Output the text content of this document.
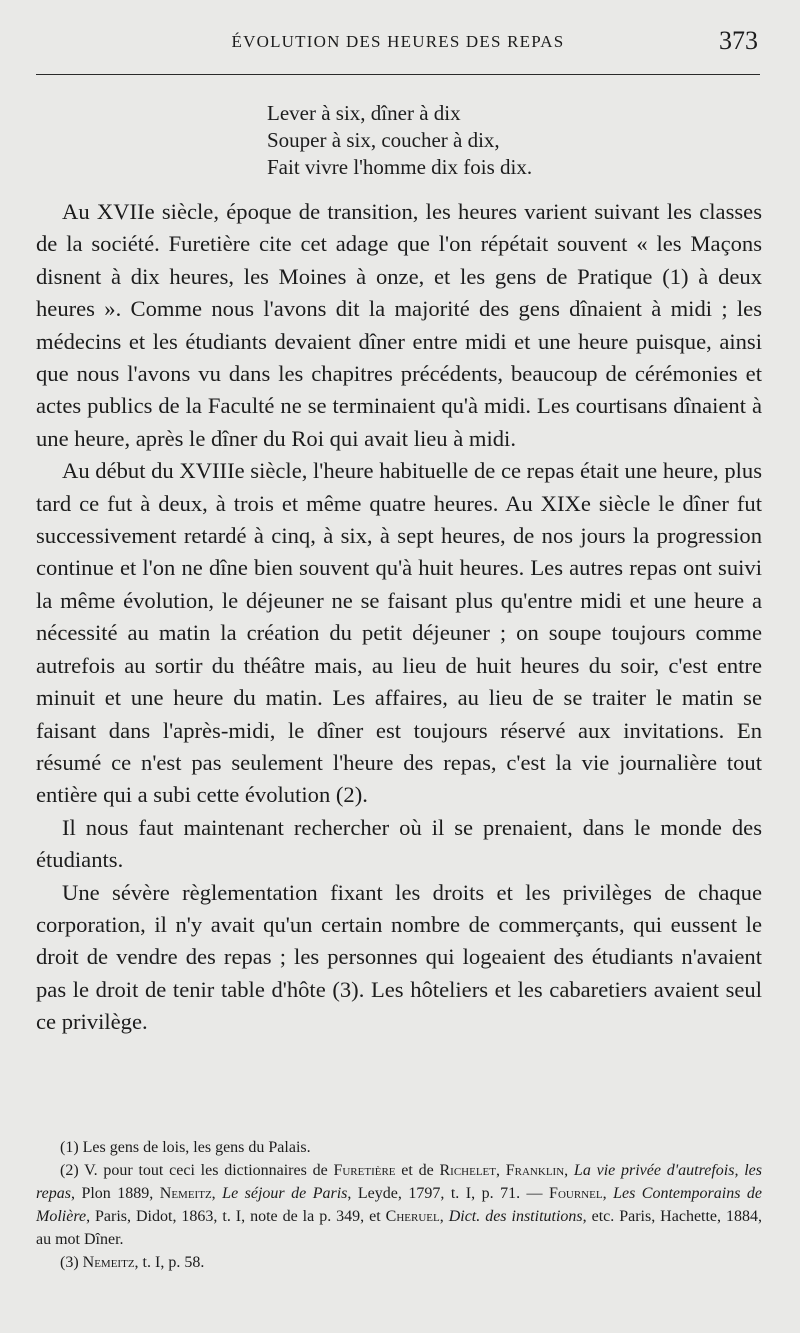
ÉVOLUTION DES HEURES DES REPAS	373
Lever à six, dîner à dix
Souper à six, coucher à dix,
Fait vivre l'homme dix fois dix.

Au XVIIe siècle, époque de transition, les heures varient suivant les classes de la société. Furetière cite cet adage que l'on répétait souvent « les Maçons disnent à dix heures, les Moines à onze, et les gens de Pratique (1) à deux heures ». Comme nous l'avons dit la majorité des gens dînaient à midi ; les médecins et les étudiants devaient dîner entre midi et une heure puisque, ainsi que nous l'avons vu dans les chapitres précédents, beaucoup de cérémonies et actes publics de la Faculté ne se terminaient qu'à midi. Les courtisans dînaient à une heure, après le dîner du Roi qui avait lieu à midi.

Au début du XVIIIe siècle, l'heure habituelle de ce repas était une heure, plus tard ce fut à deux, à trois et même quatre heures. Au XIXe siècle le dîner fut successivement retardé à cinq, à six, à sept heures, de nos jours la progression continue et l'on ne dîne bien souvent qu'à huit heures. Les autres repas ont suivi la même évolution, le déjeuner ne se faisant plus qu'entre midi et une heure a nécessité au matin la création du petit déjeuner ; on soupe toujours comme autrefois au sortir du théâtre mais, au lieu de huit heures du soir, c'est entre minuit et une heure du matin. Les affaires, au lieu de se traiter le matin se faisant dans l'après-midi, le dîner est toujours réservé aux invitations. En résumé ce n'est pas seulement l'heure des repas, c'est la vie journalière tout entière qui a subi cette évolution (2).

Il nous faut maintenant rechercher où il se prenaient, dans le monde des étudiants.

Une sévère règlementation fixant les droits et les privilèges de chaque corporation, il n'y avait qu'un certain nombre de commerçants, qui eussent le droit de vendre des repas ; les personnes qui logeaient des étudiants n'avaient pas le droit de tenir table d'hôte (3). Les hôteliers et les cabaretiers avaient seul ce privilège.

(1) Les gens de lois, les gens du Palais.

(2) V. pour tout ceci les dictionnaires de Furetière et de Richelet, Franklin, La vie privée d'autrefois, les repas, Plon 1889, Nemeitz, Le séjour de Paris, Leyde, 1797, t. I, p. 71. — Fournel, Les Contemporains de Molière, Paris, Didot, 1863, t. I, note de la p. 349, et Cheruel, Dict. des institutions, etc. Paris, Hachette, 1884, au mot Dîner.

(3) Nemeitz, t. I, p. 58.
